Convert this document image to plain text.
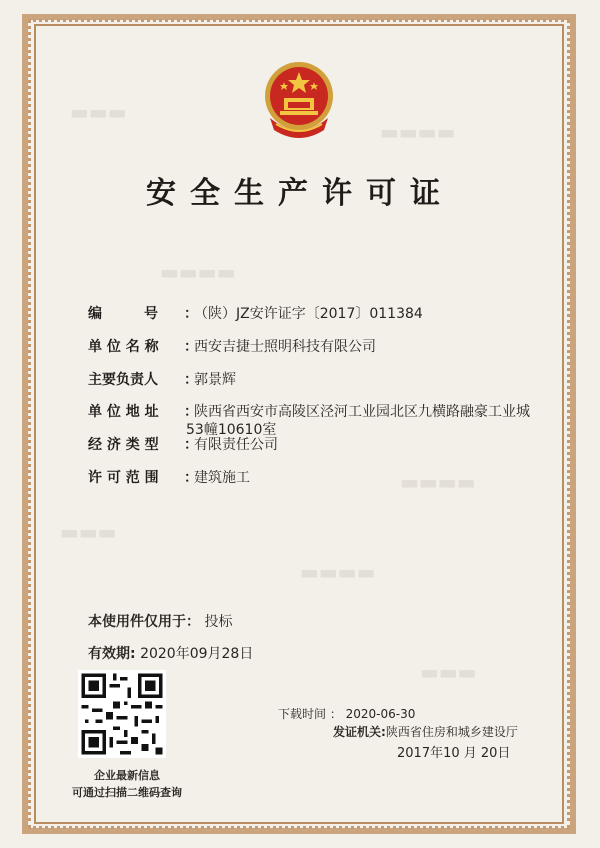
▬▬▬
▬▬▬▬
▬▬▬▬
▬▬▬▬
▬▬▬
▬▬▬▬
▬▬▬
安全生产许可证
编　　　号 ：（陕）JZ安许证字〔2017〕011384
单 位 名 称 ：西安吉捷士照明科技有限公司
主要负责人 ：郭景辉
单 位 地 址 ：陕西省西安市高陵区泾河工业园北区九横路融豪工业城
53幢10610室
经 济 类 型 ：有限责任公司
许 可 范 围 ：建筑施工
本使用件仅用于： 投标
有效期: 2020年09月28日
企业最新信息
可通过扫描二维码查询
下载时间 ： 2020-06-30
发证机关:陕西省住房和城乡建设厅
2017年10 月 20日
